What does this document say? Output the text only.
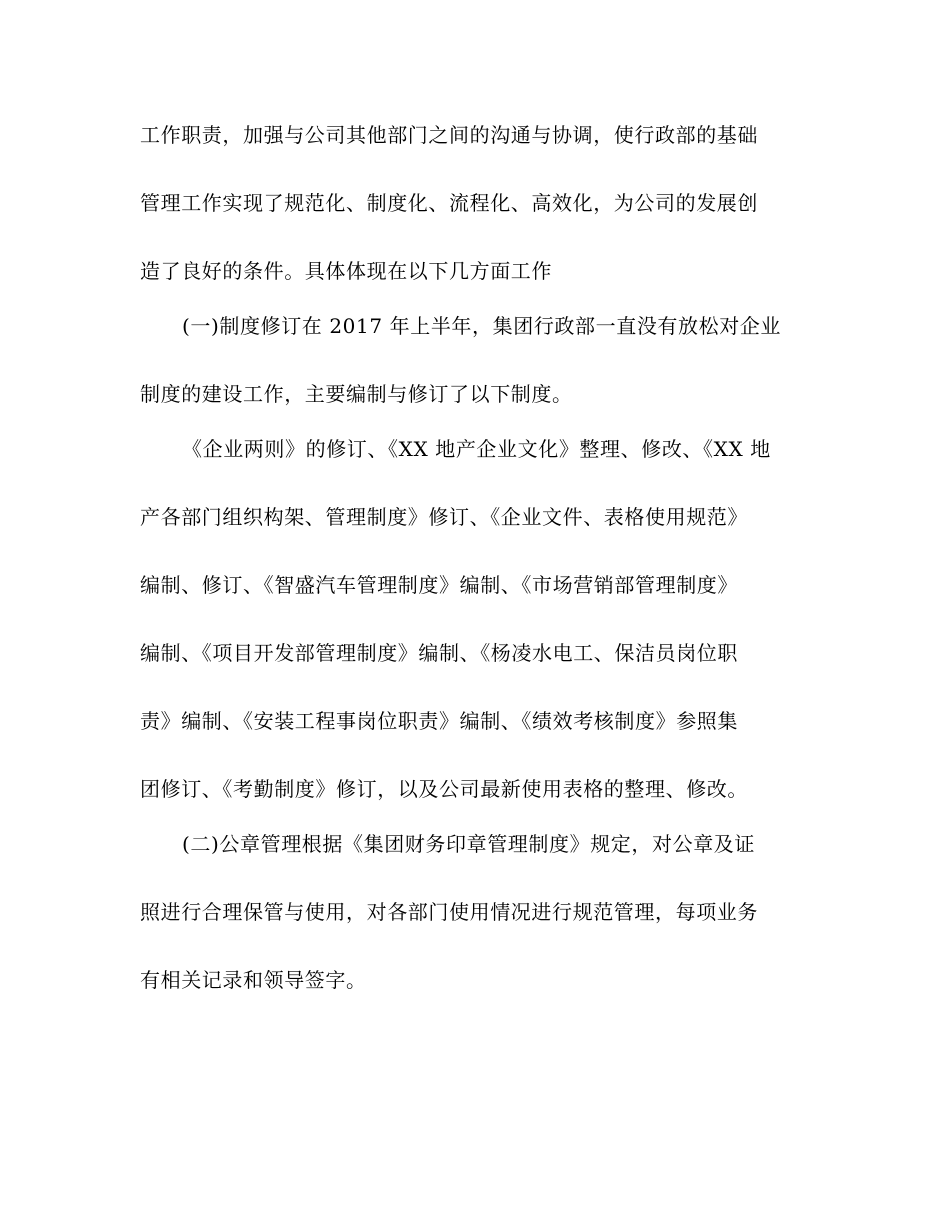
工作职责，加强与公司其他部门之间的沟通与协调，使行政部的基础
管理工作实现了规范化、制度化、流程化、高效化，为公司的发展创
造了良好的条件。具体体现在以下几方面工作
(一)制度修订在 2017 年上半年，集团行政部一直没有放松对企业
制度的建设工作，主要编制与修订了以下制度。
《企业两则》的修订、《XX 地产企业文化》整理、修改、《XX 地
产各部门组织构架、管理制度》修订、《企业文件、表格使用规范》
编制、修订、《智盛汽车管理制度》编制、《市场营销部管理制度》
编制、《项目开发部管理制度》编制、《杨凌水电工、保洁员岗位职
责》编制、《安装工程事岗位职责》编制、《绩效考核制度》参照集
团修订、《考勤制度》修订，以及公司最新使用表格的整理、修改。
(二)公章管理根据《集团财务印章管理制度》规定，对公章及证
照进行合理保管与使用，对各部门使用情况进行规范管理，每项业务
有相关记录和领导签字。
